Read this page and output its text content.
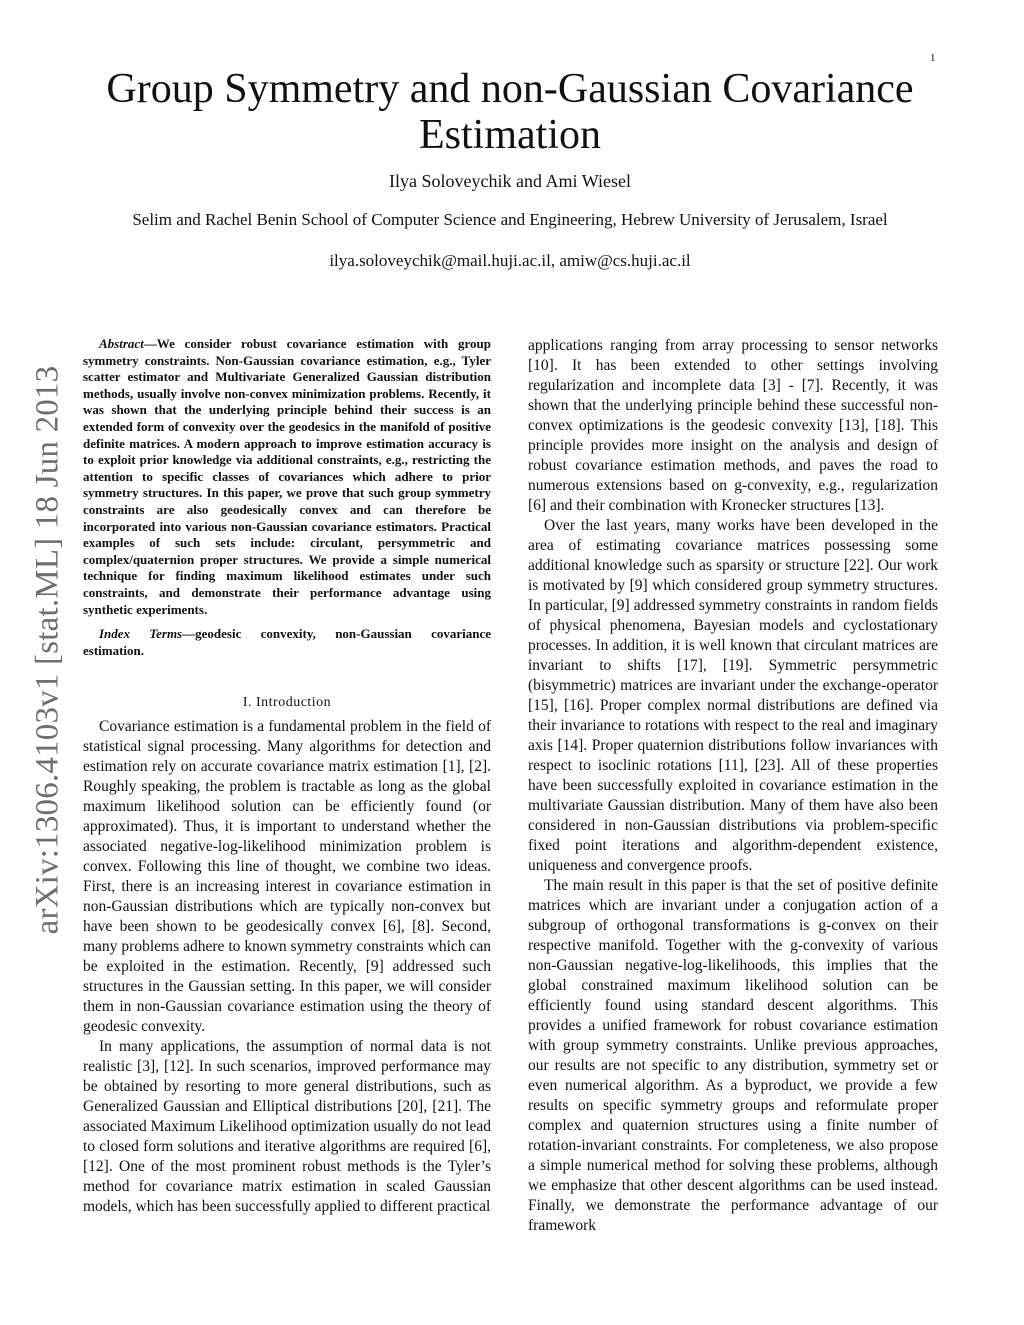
1
arXiv:1306.4103v1 [stat.ML] 18 Jun 2013
Group Symmetry and non-Gaussian Covariance Estimation
Ilya Soloveychik and Ami Wiesel
Selim and Rachel Benin School of Computer Science and Engineering, Hebrew University of Jerusalem, Israel
ilya.soloveychik@mail.huji.ac.il, amiw@cs.huji.ac.il

Abstract—We consider robust covariance estimation with group symmetry constraints. Non-Gaussian covariance estimation, e.g., Tyler scatter estimator and Multivariate Generalized Gaussian distribution methods, usually involve non-convex minimization problems. Recently, it was shown that the underlying principle behind their success is an extended form of convexity over the geodesics in the manifold of positive definite matrices. A modern approach to improve estimation accuracy is to exploit prior knowledge via additional constraints, e.g., restricting the attention to specific classes of covariances which adhere to prior symmetry structures. In this paper, we prove that such group symmetry constraints are also geodesically convex and can therefore be incorporated into various non-Gaussian covariance estimators. Practical examples of such sets include: circulant, persymmetric and complex/quaternion proper structures. We provide a simple numerical technique for finding maximum likelihood estimates under such constraints, and demonstrate their performance advantage using synthetic experiments.

Index Terms—geodesic convexity, non-Gaussian covariance estimation.

I. Introduction

Covariance estimation is a fundamental problem in the field of statistical signal processing. Many algorithms for detection and estimation rely on accurate covariance matrix estimation [1], [2]. Roughly speaking, the problem is tractable as long as the global maximum likelihood solution can be efficiently found (or approximated). Thus, it is important to understand whether the associated negative-log-likelihood minimization problem is convex. Following this line of thought, we combine two ideas. First, there is an increasing interest in covariance estimation in non-Gaussian distributions which are typically non-convex but have been shown to be geodesically convex [6], [8]. Second, many problems adhere to known symmetry constraints which can be exploited in the estimation. Recently, [9] addressed such structures in the Gaussian setting. In this paper, we will consider them in non-Gaussian covariance estimation using the theory of geodesic convexity.

In many applications, the assumption of normal data is not realistic [3], [12]. In such scenarios, improved performance may be obtained by resorting to more general distributions, such as Generalized Gaussian and Elliptical distributions [20], [21]. The associated Maximum Likelihood optimization usually do not lead to closed form solutions and iterative algorithms are required [6], [12]. One of the most prominent robust methods is the Tyler’s method for covariance matrix estimation in scaled Gaussian models, which has been successfully applied to different practical

applications ranging from array processing to sensor networks [10]. It has been extended to other settings involving regularization and incomplete data [3] - [7]. Recently, it was shown that the underlying principle behind these successful non-convex optimizations is the geodesic convexity [13], [18]. This principle provides more insight on the analysis and design of robust covariance estimation methods, and paves the road to numerous extensions based on g-convexity, e.g., regularization [6] and their combination with Kronecker structures [13].

Over the last years, many works have been developed in the area of estimating covariance matrices possessing some additional knowledge such as sparsity or structure [22]. Our work is motivated by [9] which considered group symmetry structures. In particular, [9] addressed symmetry constraints in random fields of physical phenomena, Bayesian models and cyclostationary processes. In addition, it is well known that circulant matrices are invariant to shifts [17], [19]. Symmetric persymmetric (bisymmetric) matrices are invariant under the exchange-operator [15], [16]. Proper complex normal distributions are defined via their invariance to rotations with respect to the real and imaginary axis [14]. Proper quaternion distributions follow invariances with respect to isoclinic rotations [11], [23]. All of these properties have been successfully exploited in covariance estimation in the multivariate Gaussian distribution. Many of them have also been considered in non-Gaussian distributions via problem-specific fixed point iterations and algorithm-dependent existence, uniqueness and convergence proofs.

The main result in this paper is that the set of positive definite matrices which are invariant under a conjugation action of a subgroup of orthogonal transformations is g-convex on their respective manifold. Together with the g-convexity of various non-Gaussian negative-log-likelihoods, this implies that the global constrained maximum likelihood solution can be efficiently found using standard descent algorithms. This provides a unified framework for robust covariance estimation with group symmetry constraints. Unlike previous approaches, our results are not specific to any distribution, symmetry set or even numerical algorithm. As a byproduct, we provide a few results on specific symmetry groups and reformulate proper complex and quaternion structures using a finite number of rotation-invariant constraints. For completeness, we also propose a simple numerical method for solving these problems, although we emphasize that other descent algorithms can be used instead. Finally, we demonstrate the performance advantage of our framework
